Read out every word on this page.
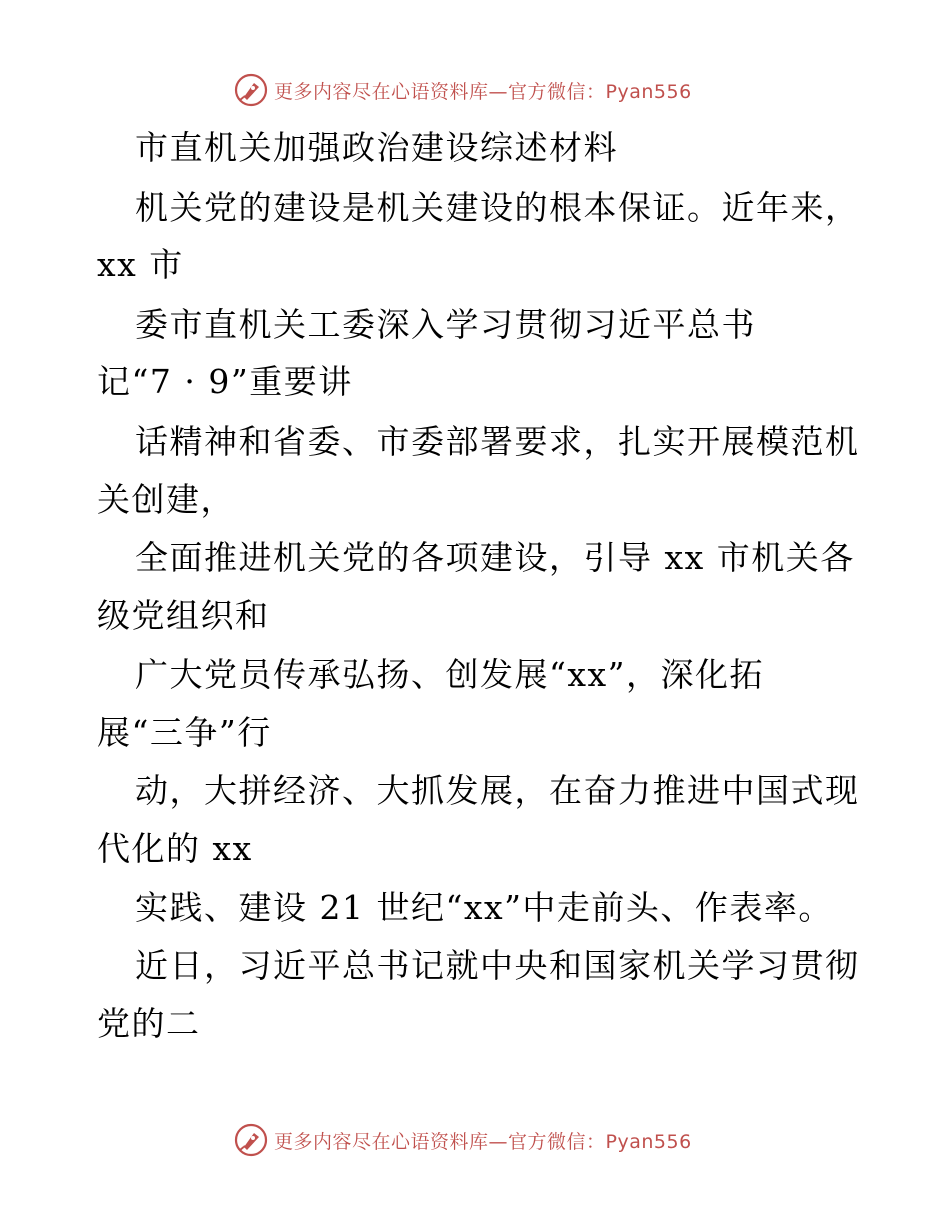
更多内容尽在心语资料库—官方微信：Pyan556
市直机关加强政治建设综述材料
机关党的建设是机关建设的根本保证。近年来，
xx 市
委市直机关工委深入学习贯彻习近平总书
记“7 · 9”重要讲
话精神和省委、市委部署要求，扎实开展模范机
关创建，
全面推进机关党的各项建设，引导 xx 市机关各
级党组织和
广大党员传承弘扬、创发展“xx”，深化拓
展“三争”行
动，大拼经济、大抓发展，在奋力推进中国式现
代化的 xx
实践、建设 21 世纪“xx”中走前头、作表率。
近日，习近平总书记就中央和国家机关学习贯彻
党的二
更多内容尽在心语资料库—官方微信：Pyan556
